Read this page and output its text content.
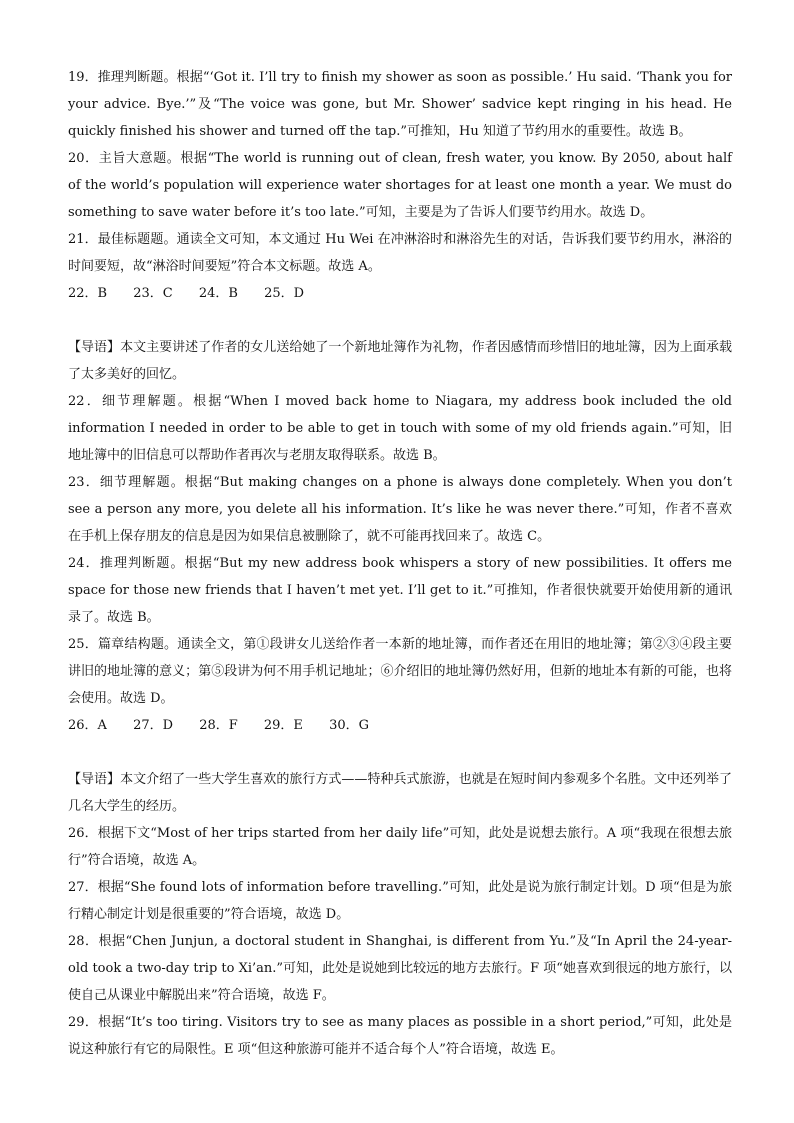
19．推理判断题。根据“‘Got it. I’ll try to finish my shower as soon as possible.’ Hu said. ‘Thank you for your advice. Bye.’”及“The voice was gone, but Mr. Shower’ sadvice kept ringing in his head. He quickly finished his shower and turned off the tap.”可推知，Hu 知道了节约用水的重要性。故选 B。

20．主旨大意题。根据“The world is running out of clean, fresh water, you know. By 2050, about half of the world’s population will experience water shortages for at least one month a year. We must do something to save water before it’s too late.”可知，主要是为了告诉人们要节约用水。故选 D。

21．最佳标题题。通读全文可知，本文通过 Hu Wei 在冲淋浴时和淋浴先生的对话，告诉我们要节约用水，淋浴的时间要短，故“淋浴时间要短”符合本文标题。故选 A。

22．B 23．C 24．B 25．D

【导语】本文主要讲述了作者的女儿送给她了一个新地址簿作为礼物，作者因感情而珍惜旧的地址簿，因为上面承载了太多美好的回忆。

22．细节理解题。根据“When I moved back home to Niagara, my address book included the old information I needed in order to be able to get in touch with some of my old friends again.”可知，旧地址簿中的旧信息可以帮助作者再次与老朋友取得联系。故选 B。

23．细节理解题。根据“But making changes on a phone is always done completely. When you don’t see a person any more, you delete all his information. It’s like he was never there.”可知，作者不喜欢在手机上保存朋友的信息是因为如果信息被删除了，就不可能再找回来了。故选 C。

24．推理判断题。根据“But my new address book whispers a story of new possibilities. It offers me space for those new friends that I haven’t met yet. I’ll get to it.”可推知，作者很快就要开始使用新的通讯录了。故选 B。

25．篇章结构题。通读全文，第①段讲女儿送给作者一本新的地址簿，而作者还在用旧的地址簿；第②③④段主要讲旧的地址簿的意义；第⑤段讲为何不用手机记地址；⑥介绍旧的地址簿仍然好用，但新的地址本有新的可能，也将会使用。故选 D。

26．A 27．D 28．F 29．E 30．G

【导语】本文介绍了一些大学生喜欢的旅行方式——特种兵式旅游，也就是在短时间内参观多个名胜。文中还列举了几名大学生的经历。

26．根据下文“Most of her trips started from her daily life”可知，此处是说想去旅行。A 项“我现在很想去旅行”符合语境，故选 A。

27．根据“She found lots of information before travelling.”可知，此处是说为旅行制定计划。D 项“但是为旅行精心制定计划是很重要的”符合语境，故选 D。

28．根据“Chen Junjun, a doctoral student in Shanghai, is different from Yu.”及“In April the 24-year-old took a two-day trip to Xi’an.”可知，此处是说她到比较远的地方去旅行。F 项“她喜欢到很远的地方旅行，以使自己从课业中解脱出来”符合语境，故选 F。

29．根据“It’s too tiring. Visitors try to see as many places as possible in a short period,”可知，此处是说这种旅行有它的局限性。E 项“但这种旅游可能并不适合每个人”符合语境，故选 E。
